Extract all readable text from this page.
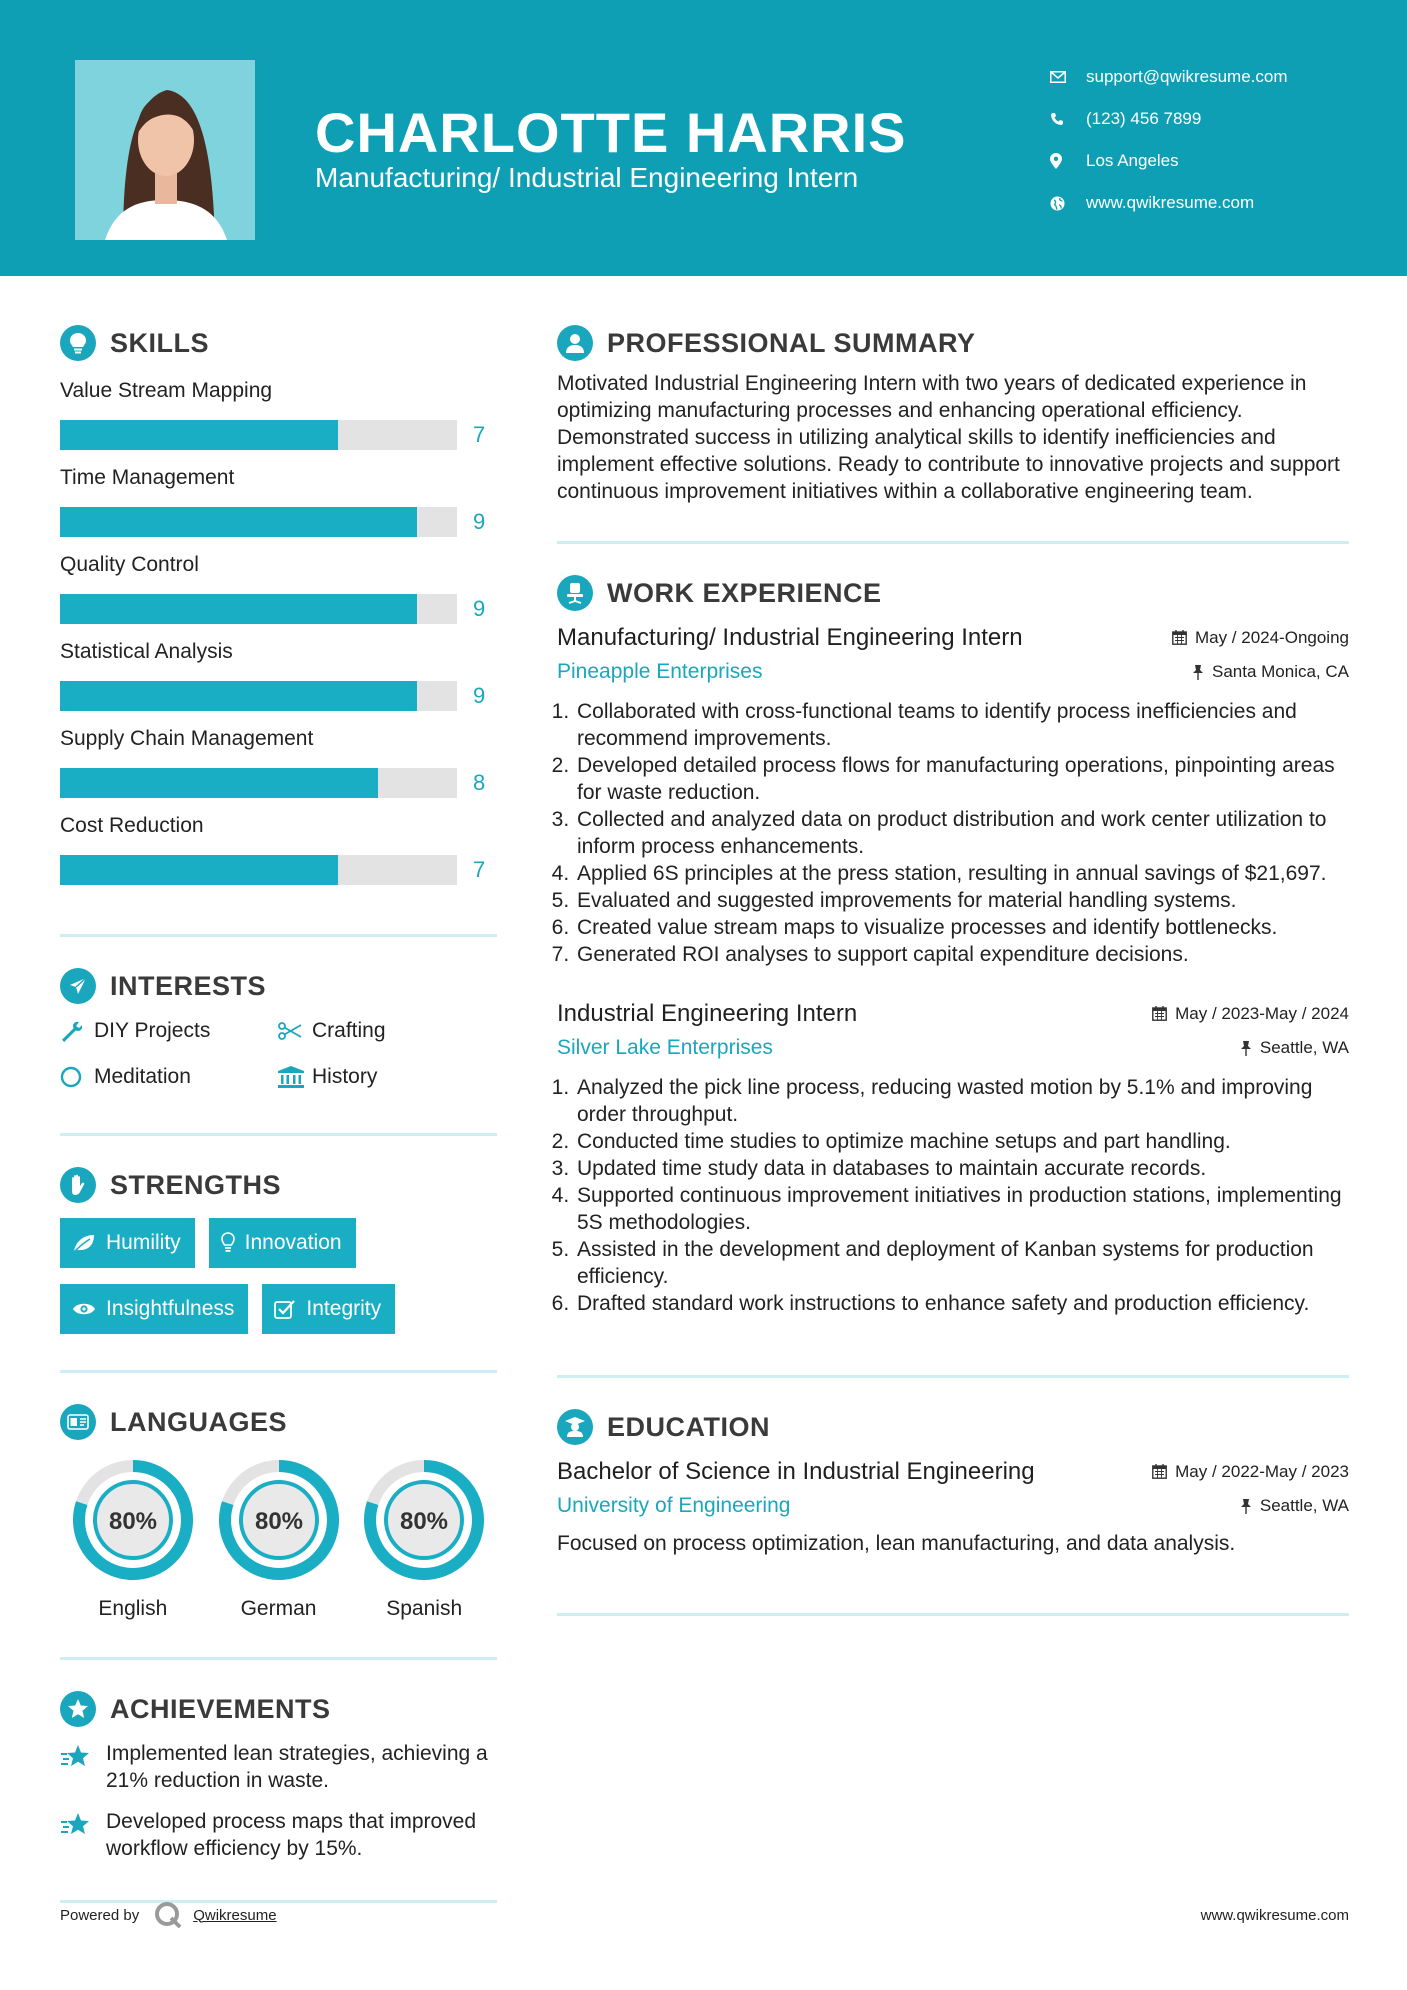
CHARLOTTE HARRIS
Manufacturing/ Industrial Engineering Intern
support@qwikresume.com
(123) 456 7899
Los Angeles
www.qwikresume.com
SKILLS
Value Stream Mapping
7
Time Management
9
Quality Control
9
Statistical Analysis
9
Supply Chain Management
8
Cost Reduction
7
INTERESTS
DIY Projects	Crafting
Meditation	History
STRENGTHS
Humility	Innovation
Insightfulness	Integrity
LANGUAGES
80%
English
80%
German
80%
Spanish
ACHIEVEMENTS
Implemented lean strategies, achieving a 21% reduction in waste.
Developed process maps that improved workflow efficiency by 15%.
PROFESSIONAL SUMMARY

Motivated Industrial Engineering Intern with two years of dedicated experience in optimizing manufacturing processes and enhancing operational efficiency. Demonstrated success in utilizing analytical skills to identify inefficiencies and implement effective solutions. Ready to contribute to innovative projects and support continuous improvement initiatives within a collaborative engineering team.

WORK EXPERIENCE
Manufacturing/ Industrial Engineering Intern	May / 2024-Ongoing
Pineapple Enterprises	Santa Monica, CA
1. Collaborated with cross-functional teams to identify process inefficiencies and recommend improvements.
2. Developed detailed process flows for manufacturing operations, pinpointing areas for waste reduction.
3. Collected and analyzed data on product distribution and work center utilization to inform process enhancements.
4. Applied 6S principles at the press station, resulting in annual savings of $21,697.
5. Evaluated and suggested improvements for material handling systems.
6. Created value stream maps to visualize processes and identify bottlenecks.
7. Generated ROI analyses to support capital expenditure decisions.
Industrial Engineering Intern	May / 2023-May / 2024
Silver Lake Enterprises	Seattle, WA
1. Analyzed the pick line process, reducing wasted motion by 5.1% and improving order throughput.
2. Conducted time studies to optimize machine setups and part handling.
3. Updated time study data in databases to maintain accurate records.
4. Supported continuous improvement initiatives in production stations, implementing 5S methodologies.
5. Assisted in the development and deployment of Kanban systems for production efficiency.
6. Drafted standard work instructions to enhance safety and production efficiency.
EDUCATION
Bachelor of Science in Industrial Engineering	May / 2022-May / 2023
University of Engineering	Seattle, WA

Focused on process optimization, lean manufacturing, and data analysis.

Powered by	Qwikresume	www.qwikresume.com
